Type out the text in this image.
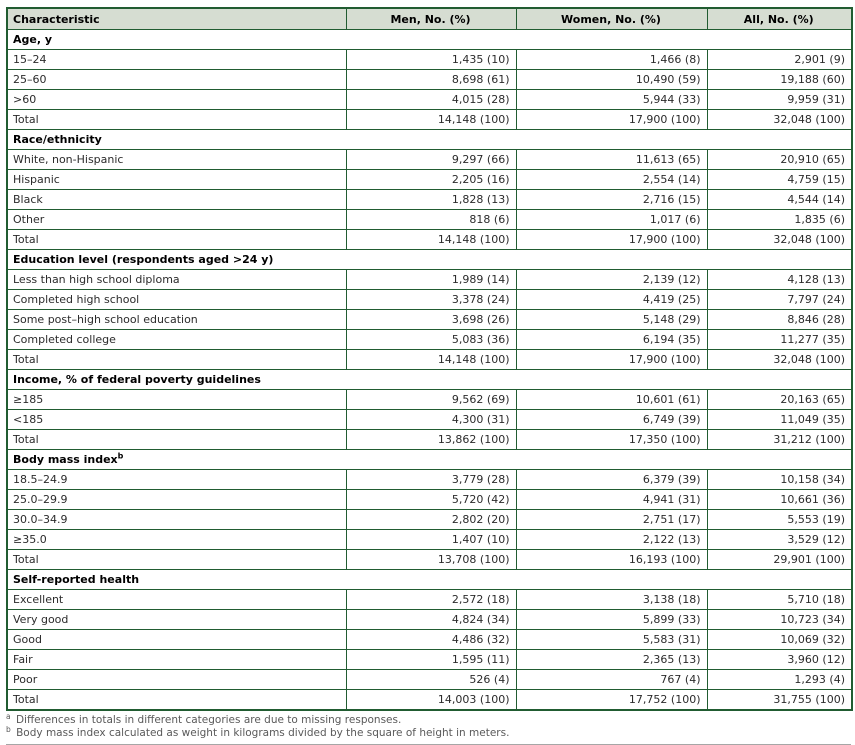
Characteristic	Men, No. (%)	Women, No. (%)	All, No. (%)
Age, y			
15–24	1,435 (10)	1,466 (8)	2,901 (9)
25–60	8,698 (61)	10,490 (59)	19,188 (60)
>60	4,015 (28)	5,944 (33)	9,959 (31)
Total	14,148 (100)	17,900 (100)	32,048 (100)
Race/ethnicity			
White, non-Hispanic	9,297 (66)	11,613 (65)	20,910 (65)
Hispanic	2,205 (16)	2,554 (14)	4,759 (15)
Black	1,828 (13)	2,716 (15)	4,544 (14)
Other	818 (6)	1,017 (6)	1,835 (6)
Total	14,148 (100)	17,900 (100)	32,048 (100)
Education level (respondents aged >24 y)			
Less than high school diploma	1,989 (14)	2,139 (12)	4,128 (13)
Completed high school	3,378 (24)	4,419 (25)	7,797 (24)
Some post–high school education	3,698 (26)	5,148 (29)	8,846 (28)
Completed college	5,083 (36)	6,194 (35)	11,277 (35)
Total	14,148 (100)	17,900 (100)	32,048 (100)
Income, % of federal poverty guidelines			
≥185	9,562 (69)	10,601 (61)	20,163 (65)
<185	4,300 (31)	6,749 (39)	11,049 (35)
Total	13,862 (100)	17,350 (100)	31,212 (100)
Body mass index$^b$
18.5–24.9	3,779 (28)	6,379 (39)	10,158 (34)
25.0–29.9	5,720 (42)	4,941 (31)	10,661 (36)
30.0–34.9	2,802 (20)	2,751 (17)	5,553 (19)
≥35.0	1,407 (10)	2,122 (13)	3,529 (12)
Total	13,708 (100)	16,193 (100)	29,901 (100)
Self-reported health			
Excellent	2,572 (18)	3,138 (18)	5,710 (18)
Very good	4,824 (34)	5,899 (33)	10,723 (34)
Good	4,486 (32)	5,583 (31)	10,069 (32)
Fair	1,595 (11)	2,365 (13)	3,960 (12)
Poor	526 (4)	767 (4)	1,293 (4)
Total	14,003 (100)	17,752 (100)	31,755 (100)
$^a$ Differences in totals in different categories are due to missing responses.
$^b$ Body mass index calculated as weight in kilograms divided by the square of height in meters.
